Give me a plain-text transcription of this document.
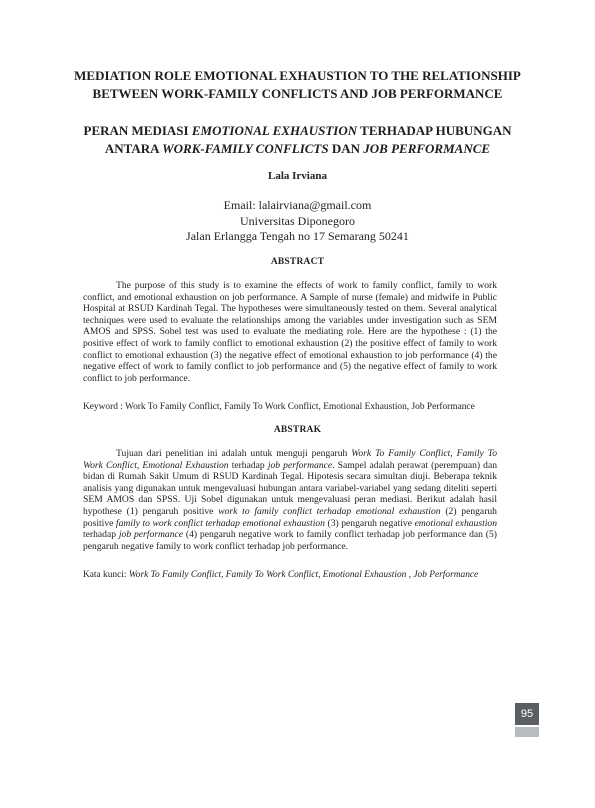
MEDIATION ROLE EMOTIONAL EXHAUSTION TO THE RELATIONSHIP
BETWEEN WORK-FAMILY CONFLICTS AND JOB PERFORMANCE
PERAN MEDIASI EMOTIONAL EXHAUSTION TERHADAP HUBUNGAN
ANTARA WORK-FAMILY CONFLICTS DAN JOB PERFORMANCE
Lala Irviana
Email: lalairviana@gmail.com
Universitas Diponegoro
Jalan Erlangga Tengah no 17 Semarang 50241
ABSTRACT

The purpose of this study is to examine the effects of work to family conflict, family to work conflict, and emotional exhaustion on job performance. A Sample of nurse (female) and midwife in Public Hospital at RSUD Kardinah Tegal. The hypotheses were simultaneously tested on them. Several analytical techniques were used to evaluate the relationships among the variables under investigation such as SEM AMOS and SPSS. Sobel test was used to evaluate the mediating role. Here are the hypothese : (1) the positive effect of work to family conflict to emotional exhaustion (2) the positive effect of family to work conflict to emotional exhaustion (3) the negative effect of emotional exhaustion to job performance (4) the negative effect of work to family conflict to job performance and (5) the negative effect of family to work conflict to job performance.

Keyword : Work To Family Conflict, Family To Work Conflict, Emotional Exhaustion, Job Performance
ABSTRAK

Tujuan dari penelitian ini adalah untuk menguji pengaruh Work To Family Conflict, Family To Work Conflict, Emotional Exhaustion terhadap job performance. Sampel adalah perawat (perempuan) dan bidan di Rumah Sakit Umum di RSUD Kardinah Tegal. Hipotesis secara simultan diuji. Beberapa teknik analisis yang digunakan untuk mengevaluasi hubungan antara variabel-variabel yang sedang diteliti seperti SEM AMOS dan SPSS. Uji Sobel digunakan untuk mengevaluasi peran mediasi. Berikut adalah hasil hypothese (1) pengaruh positive work to family conflict terhadap emotional exhaustion (2) pengaruh positive family to work conflict terhadap emotional exhaustion (3) pengaruh negative emotional exhaustion terhadap job performance (4) pengaruh negative work to family conflict terhadap job performance dan (5) pengaruh negative family to work conflict terhadap job performance.

Kata kunci: Work To Family Conflict, Family To Work Conflict, Emotional Exhaustion , Job Performance
95
